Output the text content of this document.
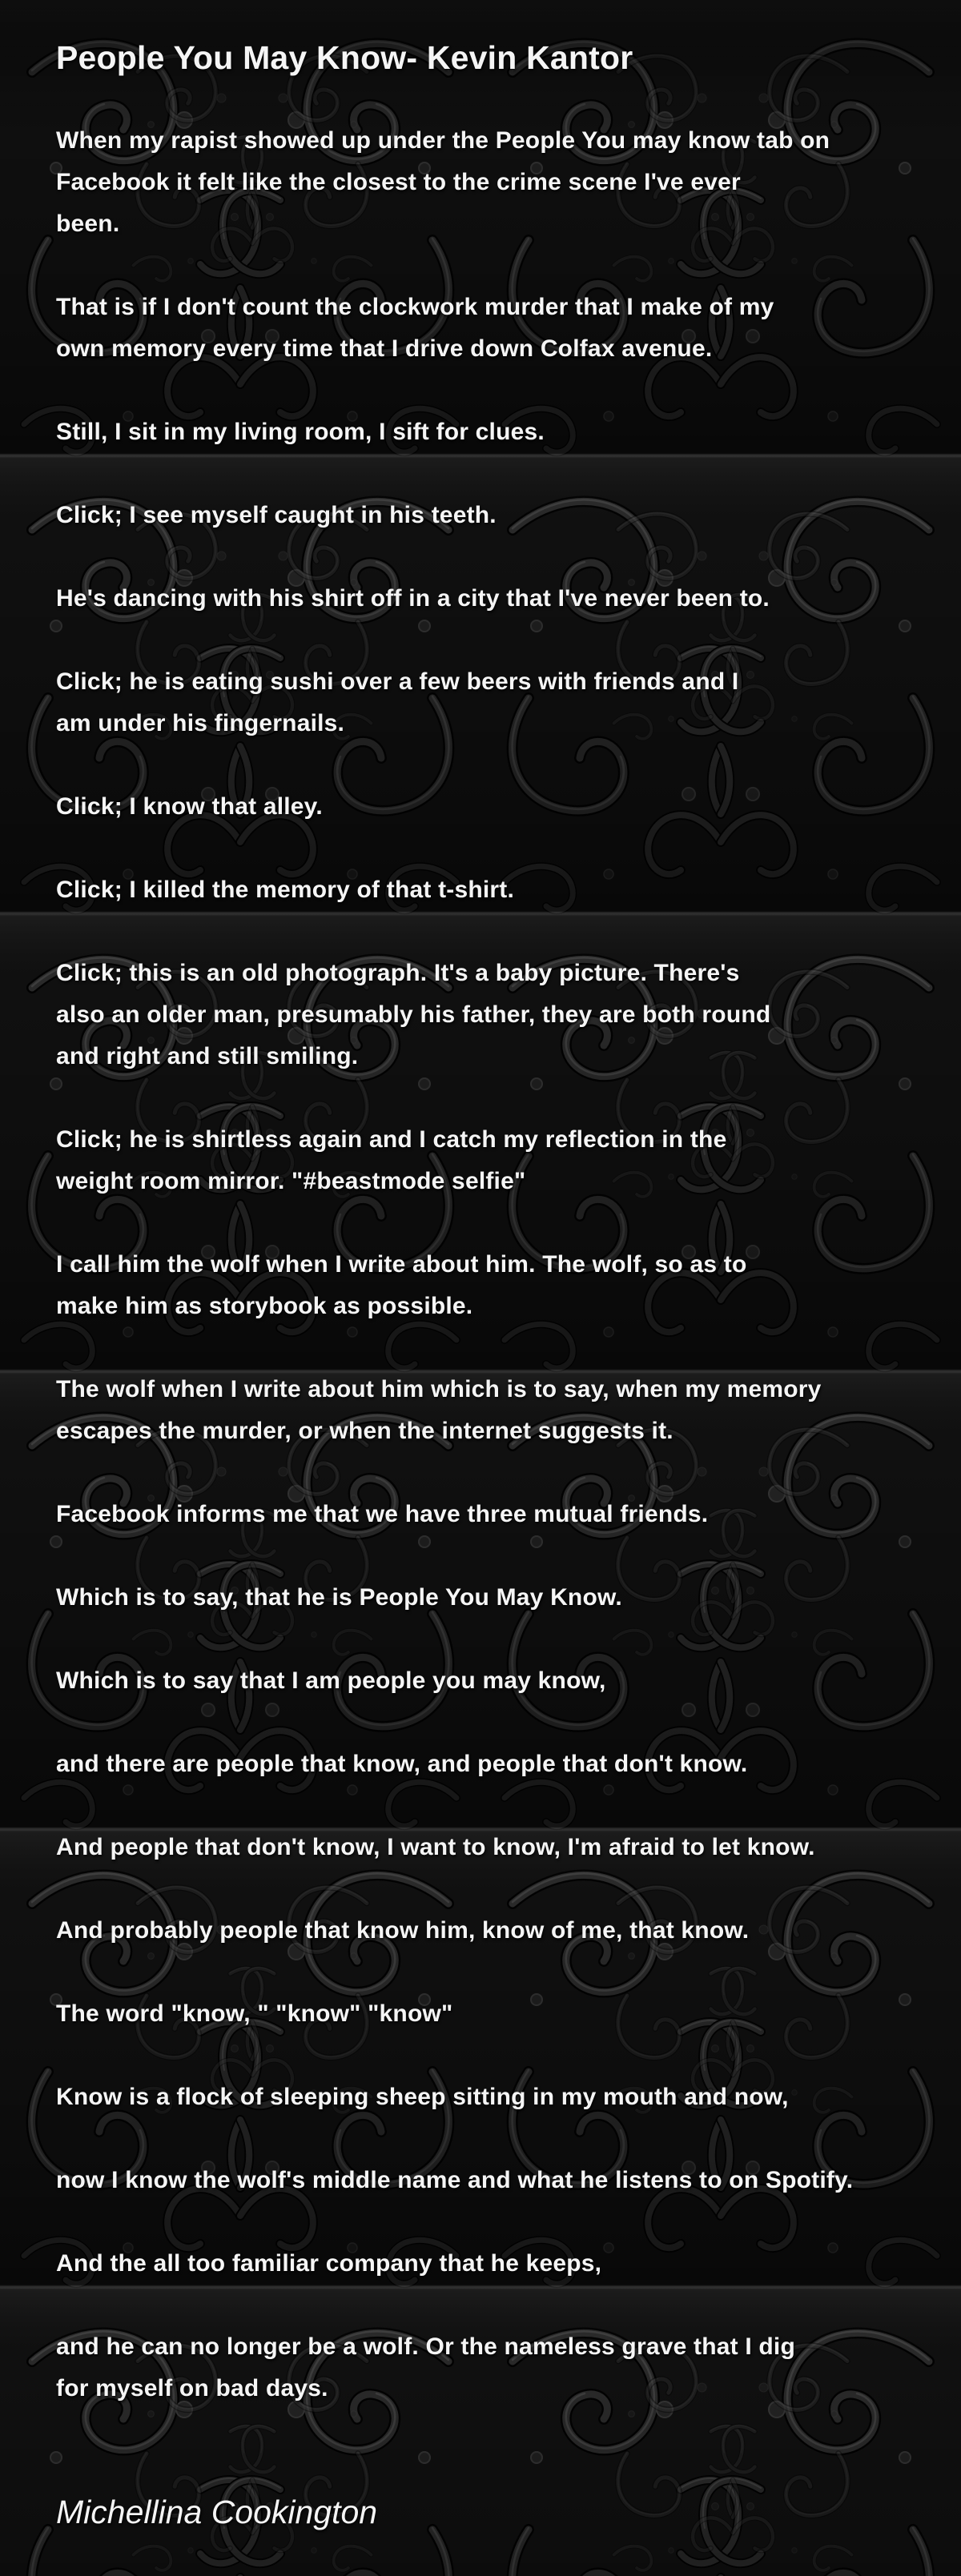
People You May Know- Kevin Kantor
When my rapist showed up under the People You may know tab on
Facebook it felt like the closest to the crime scene I've ever
been.
That is if I don't count the clockwork murder that I make of my
own memory every time that I drive down Colfax avenue.
Still, I sit in my living room, I sift for clues.
Click; I see myself caught in his teeth.
He's dancing with his shirt off in a city that I've never been to.
Click; he is eating sushi over a few beers with friends and I
am under his fingernails.
Click; I know that alley.
Click; I killed the memory of that t-shirt.
Click; this is an old photograph. It's a baby picture. There's
also an older man, presumably his father, they are both round
and right and still smiling.
Click; he is shirtless again and I catch my reflection in the
weight room mirror. "#beastmode selfie"
I call him the wolf when I write about him. The wolf, so as to
make him as storybook as possible.
The wolf when I write about him which is to say, when my memory
escapes the murder, or when the internet suggests it.
Facebook informs me that we have three mutual friends.
Which is to say, that he is People You May Know.
Which is to say that I am people you may know,
and there are people that know, and people that don't know.
And people that don't know, I want to know, I'm afraid to let know.
And probably people that know him, know of me, that know.
The word "know, " "know" "know"
Know is a flock of sleeping sheep sitting in my mouth and now,
now I know the wolf's middle name and what he listens to on Spotify.
And the all too familiar company that he keeps,
and he can no longer be a wolf. Or the nameless grave that I dig
for myself on bad days.
Michellina Cookington
